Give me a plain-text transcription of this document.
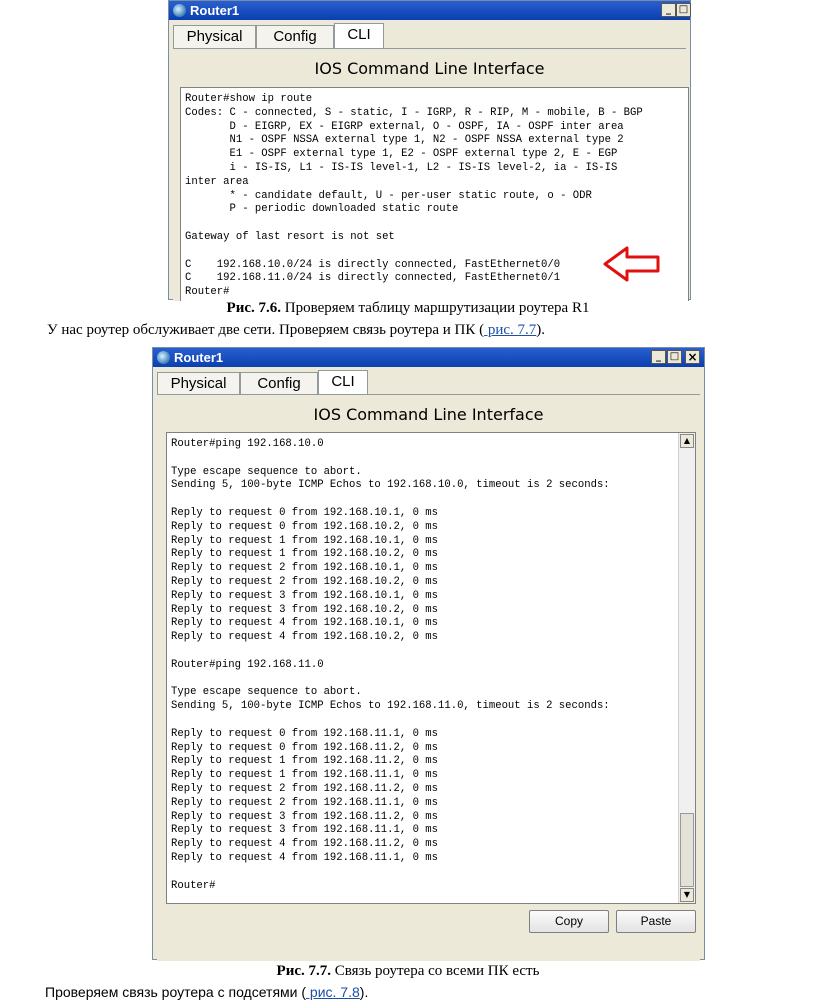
Router1	_ □
Physical	Config	CLI
IOS Command Line Interface
Router#show ip route
Codes: C - connected, S - static, I - IGRP, R - RIP, M - mobile, B - BGP
D - EIGRP, EX - EIGRP external, O - OSPF, IA - OSPF inter area
N1 - OSPF NSSA external type 1, N2 - OSPF NSSA external type 2
E1 - OSPF external type 1, E2 - OSPF external type 2, E - EGP
i - IS-IS, L1 - IS-IS level-1, L2 - IS-IS level-2, ia - IS-IS
inter area
* - candidate default, U - per-user static route, o - ODR
P - periodic downloaded static route

Gateway of last resort is not set

C    192.168.10.0/24 is directly connected, FastEthernet0/0
C    192.168.11.0/24 is directly connected, FastEthernet0/1
Router#
Рис. 7.6. Проверяем таблицу маршрутизации роутера R1
У нас роутер обслуживает две сети. Проверяем связь роутера и ПК ( рис. 7.7).
Router1	_ □ ×
Physical	Config	CLI
IOS Command Line Interface
Router#ping 192.168.10.0

Type escape sequence to abort.
Sending 5, 100-byte ICMP Echos to 192.168.10.0, timeout is 2 seconds:

Reply to request 0 from 192.168.10.1, 0 ms
Reply to request 0 from 192.168.10.2, 0 ms
Reply to request 1 from 192.168.10.1, 0 ms
Reply to request 1 from 192.168.10.2, 0 ms
Reply to request 2 from 192.168.10.1, 0 ms
Reply to request 2 from 192.168.10.2, 0 ms
Reply to request 3 from 192.168.10.1, 0 ms
Reply to request 3 from 192.168.10.2, 0 ms
Reply to request 4 from 192.168.10.1, 0 ms
Reply to request 4 from 192.168.10.2, 0 ms

Router#ping 192.168.11.0

Type escape sequence to abort.
Sending 5, 100-byte ICMP Echos to 192.168.11.0, timeout is 2 seconds:

Reply to request 0 from 192.168.11.1, 0 ms
Reply to request 0 from 192.168.11.2, 0 ms
Reply to request 1 from 192.168.11.2, 0 ms
Reply to request 1 from 192.168.11.1, 0 ms
Reply to request 2 from 192.168.11.2, 0 ms
Reply to request 2 from 192.168.11.1, 0 ms
Reply to request 3 from 192.168.11.2, 0 ms
Reply to request 3 from 192.168.11.1, 0 ms
Reply to request 4 from 192.168.11.2, 0 ms
Reply to request 4 from 192.168.11.1, 0 ms

Router#
▲
▼
Copy	Paste
Рис. 7.7. Связь роутера со всеми ПК есть
Проверяем связь роутера с подсетями ( рис. 7.8).
